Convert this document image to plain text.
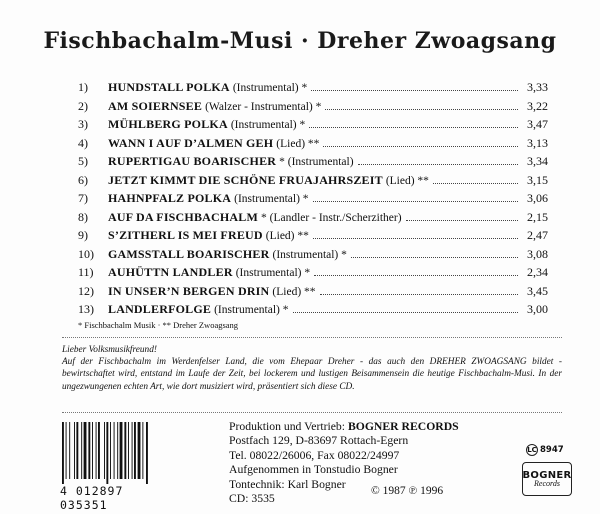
Fischbachalm-Musi · Dreher Zwoagsang
1)	HUNDSTALL POLKA (Instrumental) *	3,33
2)	AM SOIERNSEE (Walzer - Instrumental) *	3,22
3)	MÜHLBERG POLKA (Instrumental) *	3,47
4)	WANN I AUF D’ALMEN GEH (Lied) **	3,13
5)	RUPERTIGAU BOARISCHER * (Instrumental)	3,34
6)	JETZT KIMMT DIE SCHÖNE FRUAJAHRSZEIT (Lied) **	3,15
7)	HAHNPFALZ POLKA (Instrumental) *	3,06
8)	AUF DA FISCHBACHALM * (Landler - Instr./Scherzither)	2,15
9)	S’ZITHERL IS MEI FREUD (Lied) **	2,47
10)	GAMSSTALL BOARISCHER (Instrumental) *	3,08
11)	AUHÜTTN LANDLER (Instrumental) *	2,34
12)	IN UNSER’N BERGEN DRIN (Lied) **	3,45
13)	LANDLERFOLGE (Instrumental) *	3,00
* Fischbachalm Musik · ** Dreher Zwoagsang
Lieber Volksmusikfreund!
Auf der Fischbachalm im Werdenfelser Land, die vom Ehepaar Dreher - das auch den DREHER ZWOAGSANG bildet - bewirtschaftet wird, entstand im Laufe der Zeit, bei lockerem und lustigen Beisammensein die heutige Fischbachalm-Musi. In der ungezwungenen echten Art, wie dort musiziert wird, präsentiert sich diese CD.
4 012897 035351
Produktion und Vertrieb: BOGNER RECORDS
Postfach 129, D-83697 Rottach-Egern
Tel. 08022/26006, Fax 08022/24997
Aufgenommen in Tonstudio Bogner
Tontechnik: Karl Bogner
CD: 3535
© 1987 ℗ 1996
LC 8947
BOGNER
Records
